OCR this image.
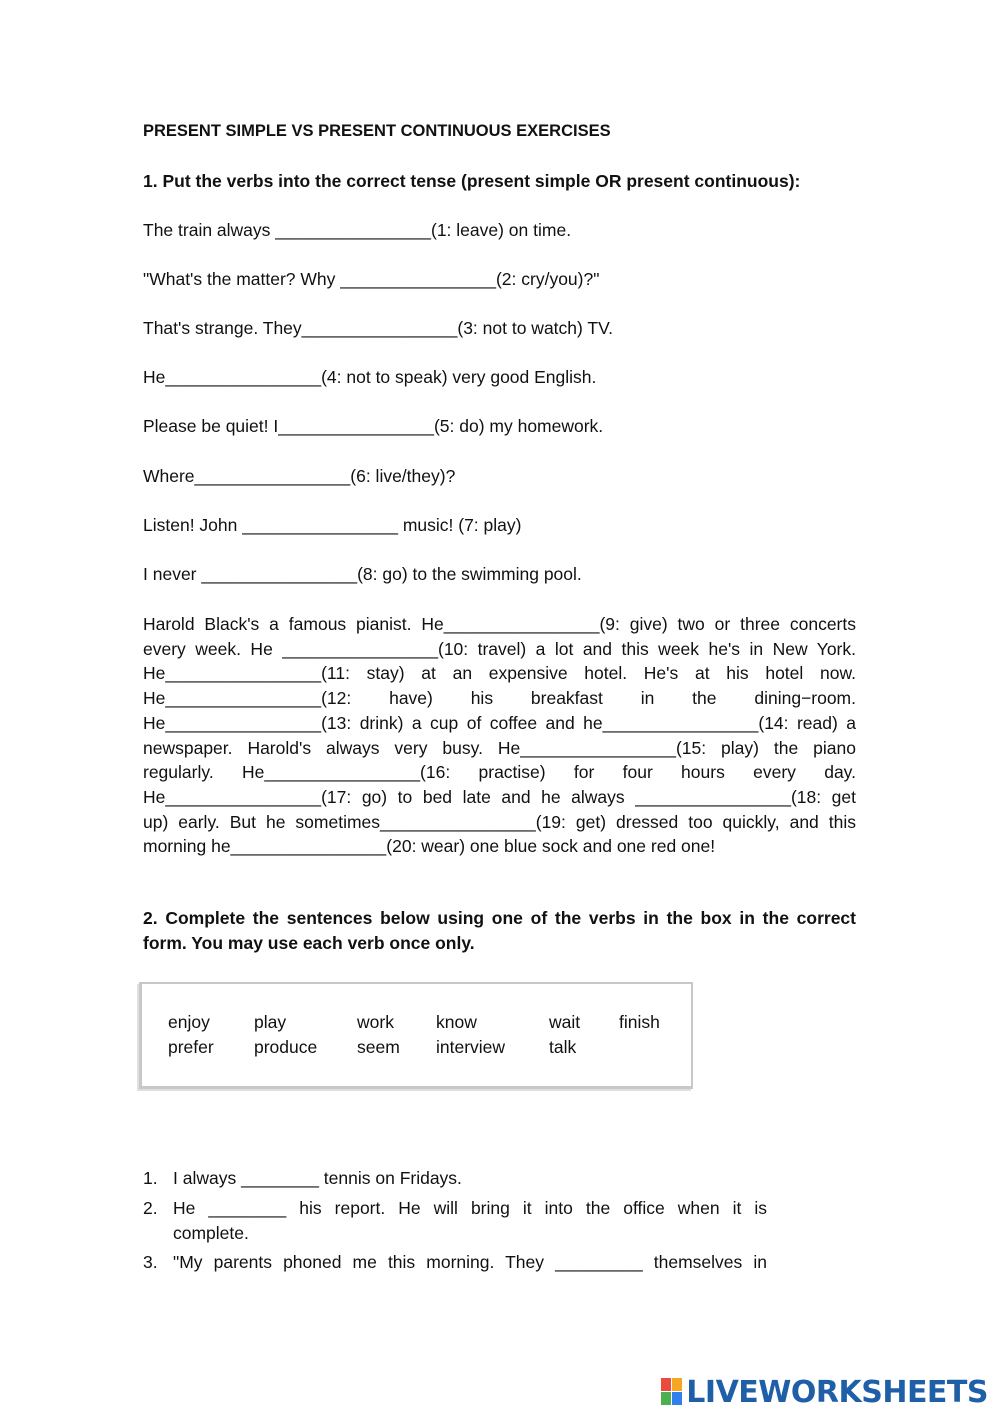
PRESENT SIMPLE VS PRESENT CONTINUOUS EXERCISES
1. Put the verbs into the correct tense (present simple OR present continuous):
The train always ________________(1: leave) on time.
"What's the matter? Why ________________(2: cry/you)?"
That's strange. They________________(3: not to watch) TV.
He________________(4: not to speak) very good English.
Please be quiet! I________________(5: do) my homework.
Where________________(6: live/they)?
Listen! John ________________ music! (7: play)
I never ________________(8: go) to the swimming pool.
Harold Black's a famous pianist. He________________(9: give) two or three concerts
every week. He ________________(10: travel) a lot and this week he's in New York.
He________________(11: stay) at an expensive hotel. He's at his hotel now.
He________________(12: have) his breakfast in the dining−room.
He________________(13: drink) a cup of coffee and he________________(14: read) a
newspaper. Harold's always very busy. He________________(15: play) the piano
regularly. He________________(16: practise) for four hours every day.
He________________(17: go) to bed late and he always ________________(18: get
up) early. But he sometimes________________(19: get) dressed too quickly, and this
morning he________________(20: wear) one blue sock and one red one!
2. Complete the sentences below using one of the verbs in the box in the correct
form. You may use each verb once only.
enjoy	play	work know	wait finish
prefer produce seem interview	talk
1. I always ________ tennis on Fridays.
2. He ________ his report. He will bring it into the office when it is
complete.
3. "My parents phoned me this morning. They _________ themselves in
LIVEWORKSHEETS
